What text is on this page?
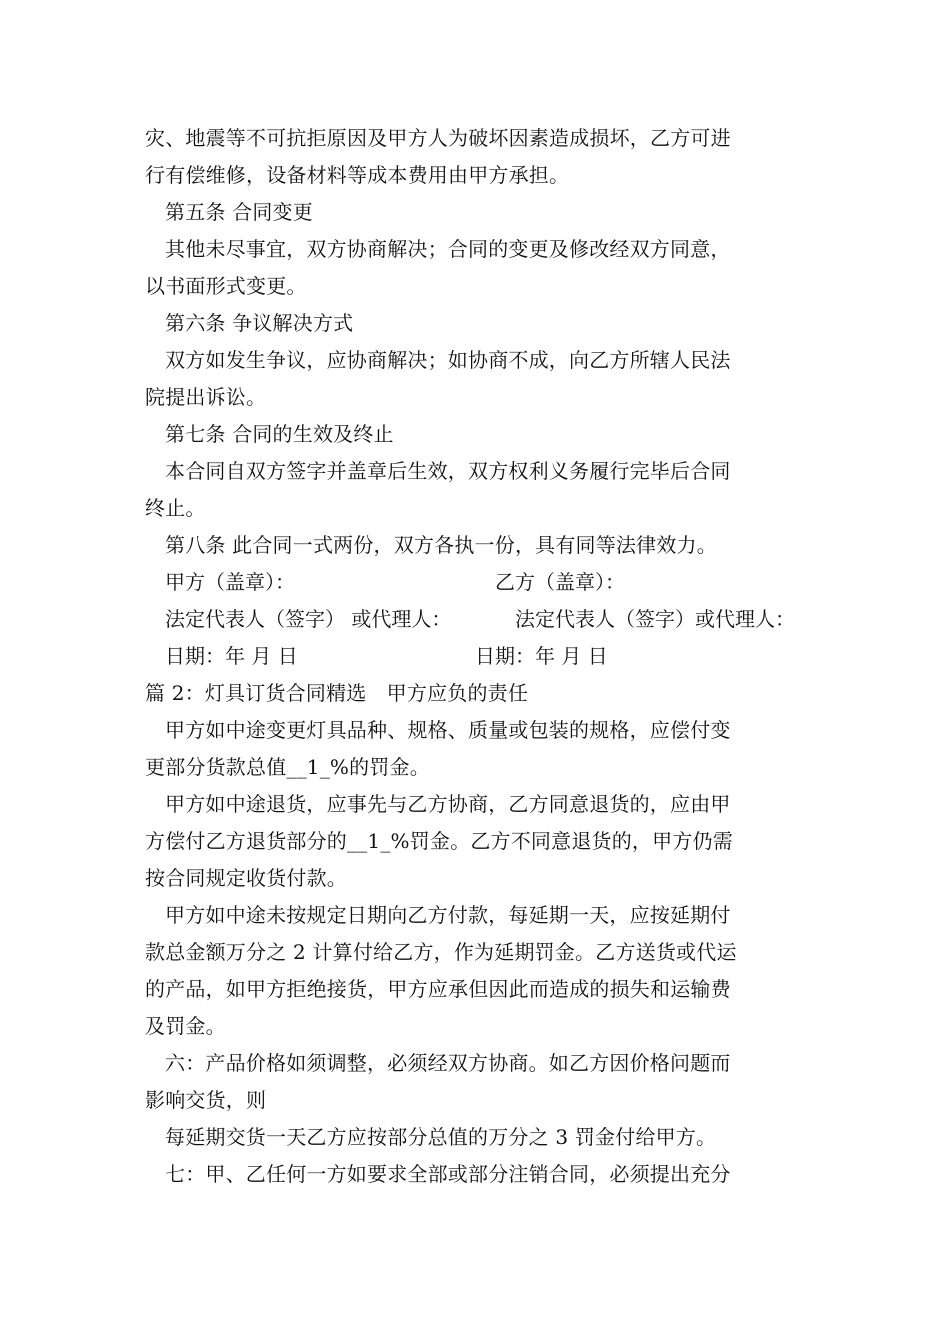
灾、地震等不可抗拒原因及甲方人为破坏因素造成损坏，乙方可进
行有偿维修，设备材料等成本费用由甲方承担。
第五条 合同变更
其他未尽事宜，双方协商解决；合同的变更及修改经双方同意，
以书面形式变更。
第六条 争议解决方式
双方如发生争议，应协商解决；如协商不成，向乙方所辖人民法
院提出诉讼。
第七条 合同的生效及终止
本合同自双方签字并盖章后生效，双方权利义务履行完毕后合同
终止。
第八条 此合同一式两份，双方各执一份，具有同等法律效力。
甲方（盖章）：	乙方（盖章）：
法定代表人（签字） 或代理人：	法定代表人（签字）或代理人：
日期：年 月 日	日期：年 月 日
篇 2：灯具订货合同精选　甲方应负的责任
甲方如中途变更灯具品种、规格、质量或包装的规格，应偿付变
更部分货款总值__1_%的罚金。
甲方如中途退货，应事先与乙方协商，乙方同意退货的，应由甲
方偿付乙方退货部分的__1_%罚金。乙方不同意退货的，甲方仍需
按合同规定收货付款。
甲方如中途未按规定日期向乙方付款，每延期一天，应按延期付
款总金额万分之 2 计算付给乙方，作为延期罚金。乙方送货或代运
的产品，如甲方拒绝接货，甲方应承但因此而造成的损失和运输费
及罚金。
六：产品价格如须调整，必须经双方协商。如乙方因价格问题而
影响交货，则
每延期交货一天乙方应按部分总值的万分之 3 罚金付给甲方。
七：甲、乙任何一方如要求全部或部分注销合同，必须提出充分
